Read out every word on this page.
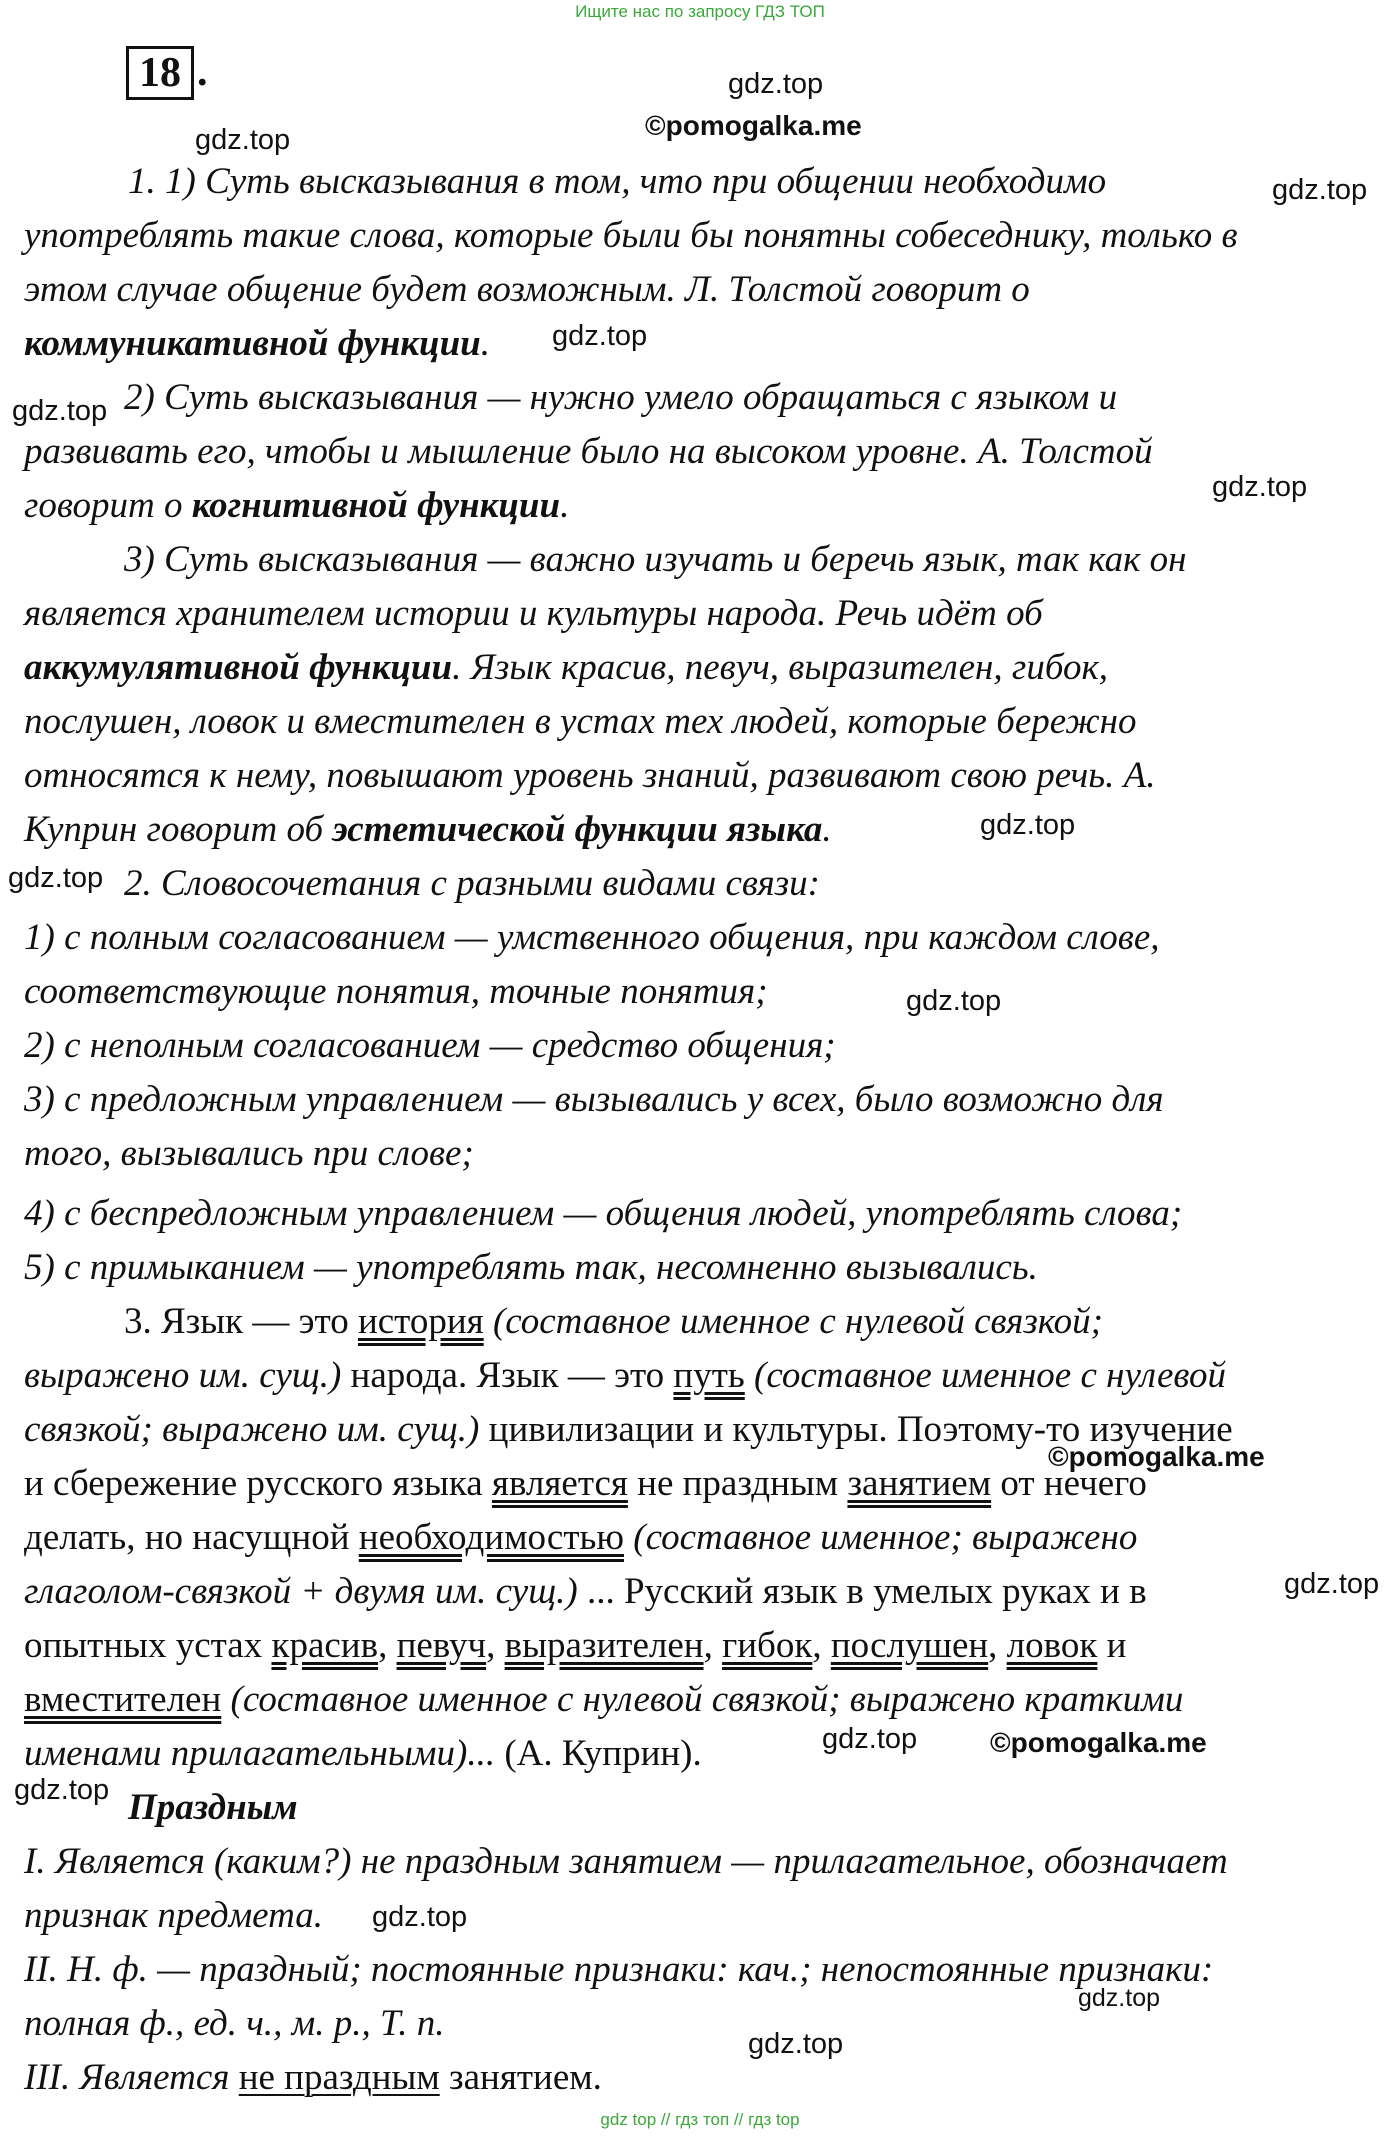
Ищите нас по запросу ГДЗ ТОП
18 .	gdz.top
©pomogalka.me
gdz.top
gdz.top
gdz.top
gdz.top
gdz.top
gdz.top
gdz.top
gdz.top
©pomogalka.me
gdz.top
gdz.top	©pomogalka.me
gdz.top
gdz.top
gdz.top
gdz.top
1. 1) Суть высказывания в том, что при общении необходимо
употреблять такие слова, которые были бы понятны собеседнику, только в
этом случае общение будет возможным. Л. Толстой говорит о
коммуникативной функции.
2) Суть высказывания — нужно умело обращаться с языком и
развивать его, чтобы и мышление было на высоком уровне. А. Толстой
говорит о когнитивной функции.
3) Суть высказывания — важно изучать и беречь язык, так как он
является хранителем истории и культуры народа. Речь идёт об
аккумулятивной функции. Язык красив, певуч, выразителен, гибок,
послушен, ловок и вместителен в устах тех людей, которые бережно
относятся к нему, повышают уровень знаний, развивают свою речь. А.
Куприн говорит об эстетической функции языка.
2. Словосочетания с разными видами связи:
1) с полным согласованием — умственного общения, при каждом слове,
соответствующие понятия, точные понятия;
2) с неполным согласованием — средство общения;
3) с предложным управлением — вызывались у всех, было возможно для
того, вызывались при слове;
4) с беспредложным управлением — общения людей, употреблять слова;
5) с примыканием — употреблять так, несомненно вызывались.
3. Язык — это история (составное именное с нулевой связкой;
выражено им. сущ.) народа. Язык — это путь (составное именное с нулевой
связкой; выражено им. сущ.) цивилизации и культуры. Поэтому-то изучение
и сбережение русского языка является не праздным занятием от нечего
делать, но насущной необходимостью (составное именное; выражено
глаголом-связкой + двумя им. сущ.) ... Русский язык в умелых руках и в
опытных устах красив, певуч, выразителен, гибок, послушен, ловок и
вместителен (составное именное с нулевой связкой; выражено краткими
именами прилагательными)... (А. Куприн).
Праздным
I. Является (каким?) не праздным занятием — прилагательное, обозначает
признак предмета.
II. Н. ф. — праздный; постоянные признаки: кач.; непостоянные признаки:
полная ф., ед. ч., м. р., Т. п.
III. Является не праздным занятием.
gdz top // гдз топ // гдз top
